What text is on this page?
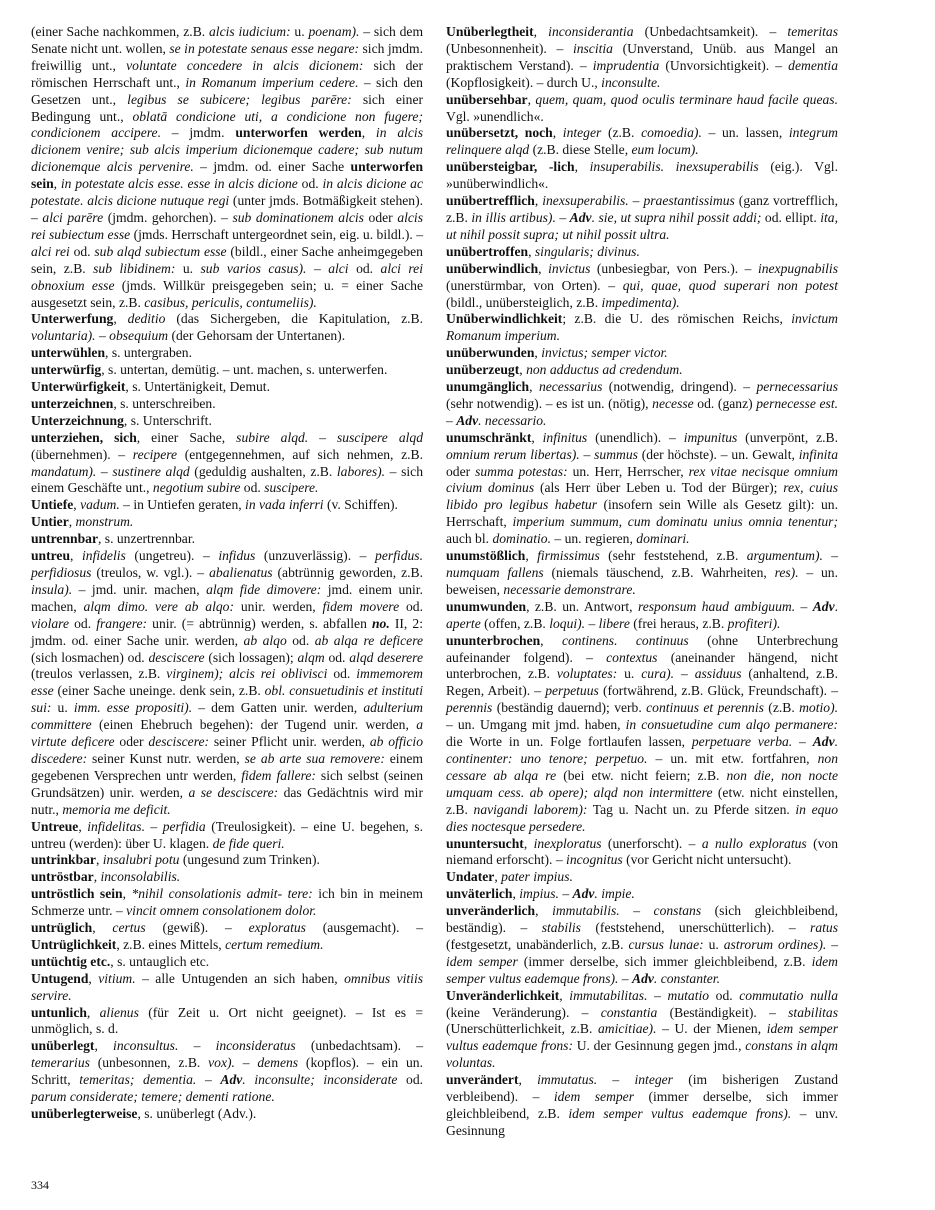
(einer Sache nachkommen, z.B. alcis iudicium: u. poenam). – sich dem Senate nicht unt. wollen, se in potestate senaus esse negare: sich jmdm. freiwillig unt., voluntate concedere in alcis dicionem: sich der römischen Herrschaft unt., in Romanum imperium cedere. – sich den Gesetzen unt., legibus se subicere; legibus parēre: sich einer Bedingung unt., oblatā condicione uti, a condicione non fugere; condicionem accipere. – jmdm. unterworfen werden, in alcis dicionem venire; sub alcis imperium dicionemque cadere; sub nutum dicionemque alcis pervenire. – jmdm. od. einer Sache unterworfen sein, in potestate alcis esse. esse in alcis dicione od. in alcis dicione ac potestate. alcis dicione nutuque regi (unter jmds. Botmäßigkeit stehen). – alci parēre (jmdm. gehorchen). – sub dominationem alcis oder alcis rei subiectum esse (jmds. Herrschaft untergeordnet sein, eig. u. bildl.). – alci rei od. sub alqd subiectum esse (bildl., einer Sache anheimgegeben sein, z.B. sub libidinem: u. sub varios casus). – alci od. alci rei obnoxium esse (jmds. Willkür preisgegeben sein; u. = einer Sache ausgesetzt sein, z.B. casibus, periculis, contumeliis).

Unterwerfung, deditio (das Sichergeben, die Kapitulation, z.B. voluntaria). – obsequium (der Gehorsam der Untertanen).

unterwühlen, s. untergraben.

unterwürfig, s. untertan, demütig. – unt. machen, s. unterwerfen.

Unterwürfigkeit, s. Untertänigkeit, Demut.

unterzeichnen, s. unterschreiben.

Unterzeichnung, s. Unterschrift.

unterziehen, sich, einer Sache, subire alqd. – suscipere alqd (übernehmen). – recipere (entgegennehmen, auf sich nehmen, z.B. mandatum). – sustinere alqd (geduldig aushalten, z.B. labores). – sich einem Geschäfte unt., negotium subire od. suscipere.

Untiefe, vadum. – in Untiefen geraten, in vada inferri (v. Schiffen).

Untier, monstrum.

untrennbar, s. unzertrennbar.

untreu, infidelis (ungetreu). – infidus (unzuverlässig). – perfidus. perfidiosus (treulos, w. vgl.). – abalienatus (abtrünnig geworden, z.B. insula). – jmd. unir. machen, alqm fide dimovere: jmd. einem unir. machen, alqm dimo. vere ab alqo: unir. werden, fidem movere od. violare od. frangere: unir. (= abtrünnig) werden, s. abfallen no. II, 2: jmdm. od. einer Sache unir. werden, ab alqo od. ab alqa re deficere (sich losmachen) od. desciscere (sich lossagen); alqm od. alqd deserere (treulos verlassen, z.B. virginem); alcis rei oblivisci od. immemorem esse (einer Sache uneinge. denk sein, z.B. obl. consuetudinis et instituti sui: u. imm. esse propositi). – dem Gatten unir. werden, adulterium committere (einen Ehebruch begehen): der Tugend unir. werden, a virtute deficere oder desciscere: seiner Pflicht unir. werden, ab officio discedere: seiner Kunst nutr. werden, se ab arte sua removere: einem gegebenen Versprechen untr werden, fidem fallere: sich selbst (seinen Grundsätzen) unir. werden, a se desciscere: das Gedächtnis wird mir nutr., memoria me deficit.

Untreue, infidelitas. – perfidia (Treulosigkeit). – eine U. begehen, s. untreu (werden): über U. klagen. de fide queri.

untrinkbar, insalubri potu (ungesund zum Trinken).

untröstbar, inconsolabilis.

untröstlich sein, *nihil consolationis admit- tere: ich bin in meinem Schmerze untr. – vincit omnem consolationem dolor.

untrüglich, certus (gewiß). – exploratus (ausgemacht). – Untrüglichkeit, z.B. eines Mittels, certum remedium.

untüchtig etc., s. untauglich etc.

Untugend, vitium. – alle Untugenden an sich haben, omnibus vitiis servire.

untunlich, alienus (für Zeit u. Ort nicht geeignet). – Ist es = unmöglich, s. d.

unüberlegt, inconsultus. – inconsideratus (unbedachtsam). – temerarius (unbesonnen, z.B. vox). – demens (kopflos). – ein un. Schritt, temeritas; dementia. – Adv. inconsulte; inconsiderate od. parum considerate; temere; dementi ratione.

unüberlegterweise, s. unüberlegt (Adv.).

Unüberlegtheit, inconsiderantia (Unbedachtsamkeit). – temeritas (Unbesonnenheit). – inscitia (Unverstand, Unüb. aus Mangel an praktischem Verstand). – imprudentia (Unvorsichtigkeit). – dementia (Kopflosigkeit). – durch U., inconsulte.

unübersehbar, quem, quam, quod oculis terminare haud facile queas. Vgl. »unendlich«.

unübersetzt, noch, integer (z.B. comoedia). – un. lassen, integrum relinquere alqd (z.B. diese Stelle, eum locum).

unübersteigbar, -lich, insuperabilis. inexsuperabilis (eig.). Vgl. »unüberwindlich«.

unübertrefflich, inexsuperabilis. – praestantissimus (ganz vortrefflich, z.B. in illis artibus). – Adv. sie, ut supra nihil possit addi; od. ellipt. ita, ut nihil possit supra; ut nihil possit ultra.

unübertroffen, singularis; divinus.

unüberwindlich, invictus (unbesiegbar, von Pers.). – inexpugnabilis (unerstürmbar, von Orten). – qui, quae, quod superari non potest (bildl., unübersteiglich, z.B. impedimenta).

Unüberwindlichkeit; z.B. die U. des römischen Reichs, invictum Romanum imperium.

unüberwunden, invictus; semper victor.

unüberzeugt, non adductus ad credendum.

unumgänglich, necessarius (notwendig, dringend). – pernecessarius (sehr notwendig). – es ist un. (nötig), necesse od. (ganz) pernecesse est. – Adv. necessario.

unumschränkt, infinitus (unendlich). – impunitus (unverpönt, z.B. omnium rerum libertas). – summus (der höchste). – un. Gewalt, infinita oder summa potestas: un. Herr, Herrscher, rex vitae necisque omnium civium dominus (als Herr über Leben u. Tod der Bürger); rex, cuius libido pro legibus habetur (insofern sein Wille als Gesetz gilt): un. Herrschaft, imperium summum, cum dominatu unius omnia tenentur; auch bl. dominatio. – un. regieren, dominari.

unumstößlich, firmissimus (sehr feststehend, z.B. argumentum). – numquam fallens (niemals täuschend, z.B. Wahrheiten, res). – un. beweisen, necessarie demonstrare.

unumwunden, z.B. un. Antwort, responsum haud ambiguum. – Adv. aperte (offen, z.B. loqui). – libere (frei heraus, z.B. profiteri).

ununterbrochen, continens. continuus (ohne Unterbrechung aufeinander folgend). – contextus (aneinander hängend, nicht unterbrochen, z.B. voluptates: u. cura). – assiduus (anhaltend, z.B. Regen, Arbeit). – perpetuus (fortwährend, z.B. Glück, Freundschaft). – perennis (beständig dauernd); verb. continuus et perennis (z.B. motio). – un. Umgang mit jmd. haben, in consuetudine cum alqo permanere: die Worte in un. Folge fortlaufen lassen, perpetuare verba. – Adv. continenter: uno tenore; perpetuo. – un. mit etw. fortfahren, non cessare ab alqa re (bei etw. nicht feiern; z.B. non die, non nocte umquam cess. ab opere); alqd non intermittere (etw. nicht einstellen, z.B. navigandi laborem): Tag u. Nacht un. zu Pferde sitzen. in equo dies noctesque persedere.

ununtersucht, inexploratus (unerforscht). – a nullo exploratus (von niemand erforscht). – incognitus (vor Gericht nicht untersucht).

Undater, pater impius.

unväterlich, impius. – Adv. impie.

unveränderlich, immutabilis. – constans (sich gleichbleibend, beständig). – stabilis (feststehend, unerschütterlich). – ratus (festgesetzt, unabänderlich, z.B. cursus lunae: u. astrorum ordines). – idem semper (immer derselbe, sich immer gleichbleibend, z.B. idem semper vultus eademque frons). – Adv. constanter.

Unveränderlichkeit, immutabilitas. – mutatio od. commutatio nulla (keine Veränderung). – constantia (Beständigkeit). – stabilitas (Unerschütterlichkeit, z.B. amicitiae). – U. der Mienen, idem semper vultus eademque frons: U. der Gesinnung gegen jmd., constans in alqm voluntas.

unverändert, immutatus. – integer (im bisherigen Zustand verbleibend). – idem semper (immer derselbe, sich immer gleichbleibend, z.B. idem semper vultus eademque frons). – unv. Gesinnung

334
